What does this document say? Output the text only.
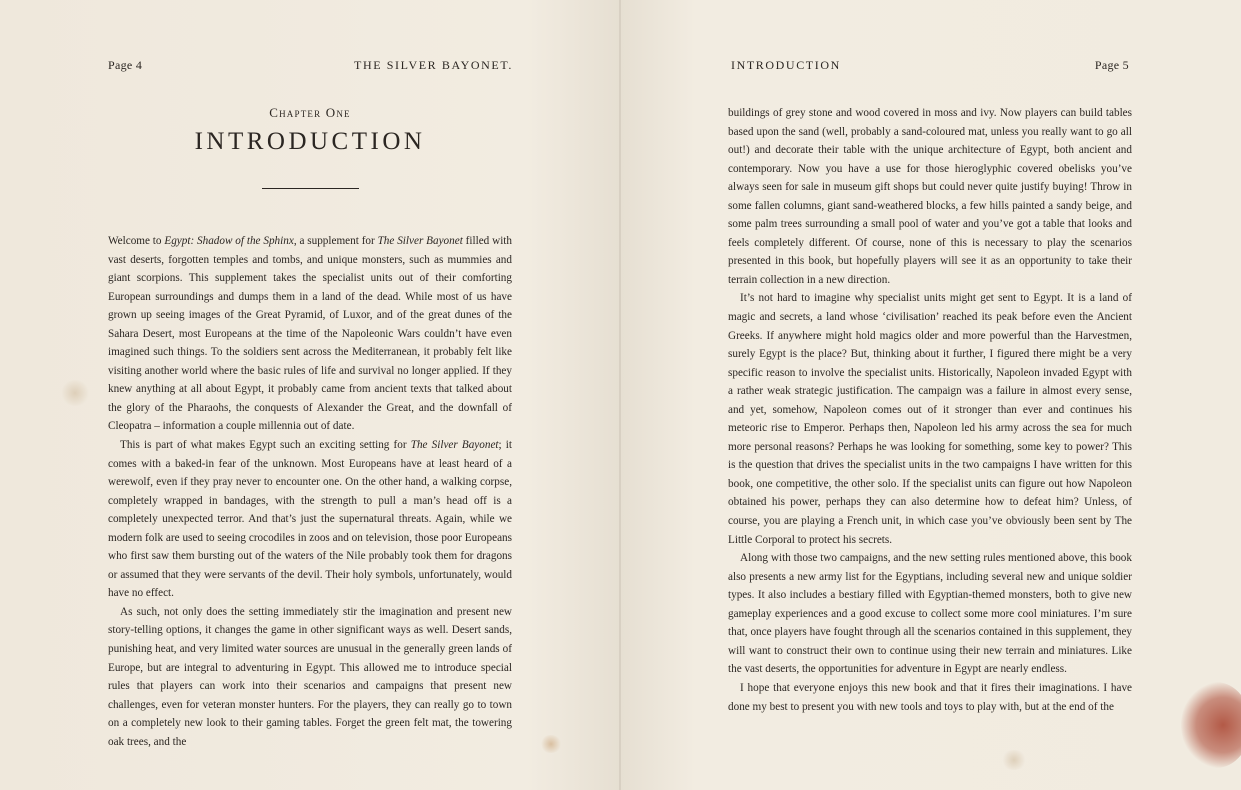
Page 4	THE SILVER BAYONET.
Chapter One
INTRODUCTION

Welcome to Egypt: Shadow of the Sphinx, a supplement for The Silver Bayonet filled with vast deserts, forgotten temples and tombs, and unique monsters, such as mummies and giant scorpions. This supplement takes the specialist units out of their comforting European surroundings and dumps them in a land of the dead. While most of us have grown up seeing images of the Great Pyramid, of Luxor, and of the great dunes of the Sahara Desert, most Europeans at the time of the Napoleonic Wars couldn’t have even imagined such things. To the soldiers sent across the Mediterranean, it probably felt like visiting another world where the basic rules of life and survival no longer applied. If they knew anything at all about Egypt, it probably came from ancient texts that talked about the glory of the Pharaohs, the conquests of Alexander the Great, and the downfall of Cleopatra – information a couple millennia out of date.

This is part of what makes Egypt such an exciting setting for The Silver Bayonet; it comes with a baked-in fear of the unknown. Most Europeans have at least heard of a werewolf, even if they pray never to encounter one. On the other hand, a walking corpse, completely wrapped in bandages, with the strength to pull a man’s head off is a completely unexpected terror. And that’s just the supernatural threats. Again, while we modern folk are used to seeing crocodiles in zoos and on television, those poor Europeans who first saw them bursting out of the waters of the Nile probably took them for dragons or assumed that they were servants of the devil. Their holy symbols, unfortunately, would have no effect.

As such, not only does the setting immediately stir the imagination and present new story-telling options, it changes the game in other significant ways as well. Desert sands, punishing heat, and very limited water sources are unusual in the generally green lands of Europe, but are integral to adventuring in Egypt. This allowed me to introduce special rules that players can work into their scenarios and campaigns that present new challenges, even for veteran monster hunters. For the players, they can really go to town on a completely new look to their gaming tables. Forget the green felt mat, the towering oak trees, and the

INTRODUCTION	Page 5

buildings of grey stone and wood covered in moss and ivy. Now players can build tables based upon the sand (well, probably a sand-coloured mat, unless you really want to go all out!) and decorate their table with the unique architecture of Egypt, both ancient and contemporary. Now you have a use for those hieroglyphic covered obelisks you’ve always seen for sale in museum gift shops but could never quite justify buying! Throw in some fallen columns, giant sand-weathered blocks, a few hills painted a sandy beige, and some palm trees surrounding a small pool of water and you’ve got a table that looks and feels completely different. Of course, none of this is necessary to play the scenarios presented in this book, but hopefully players will see it as an opportunity to take their terrain collection in a new direction.

It’s not hard to imagine why specialist units might get sent to Egypt. It is a land of magic and secrets, a land whose ‘civilisation’ reached its peak before even the Ancient Greeks. If anywhere might hold magics older and more powerful than the Harvestmen, surely Egypt is the place? But, thinking about it further, I figured there might be a very specific reason to involve the specialist units. Historically, Napoleon invaded Egypt with a rather weak strategic justification. The campaign was a failure in almost every sense, and yet, somehow, Napoleon comes out of it stronger than ever and continues his meteoric rise to Emperor. Perhaps then, Napoleon led his army across the sea for much more personal reasons? Perhaps he was looking for something, some key to power? This is the question that drives the specialist units in the two campaigns I have written for this book, one competitive, the other solo. If the specialist units can figure out how Napoleon obtained his power, perhaps they can also determine how to defeat him? Unless, of course, you are playing a French unit, in which case you’ve obviously been sent by The Little Corporal to protect his secrets.

Along with those two campaigns, and the new setting rules mentioned above, this book also presents a new army list for the Egyptians, including several new and unique soldier types. It also includes a bestiary filled with Egyptian-themed monsters, both to give new gameplay experiences and a good excuse to collect some more cool miniatures. I’m sure that, once players have fought through all the scenarios contained in this supplement, they will want to construct their own to continue using their new terrain and miniatures. Like the vast deserts, the opportunities for adventure in Egypt are nearly endless.

I hope that everyone enjoys this new book and that it fires their imaginations. I have done my best to present you with new tools and toys to play with, but at the end of the
